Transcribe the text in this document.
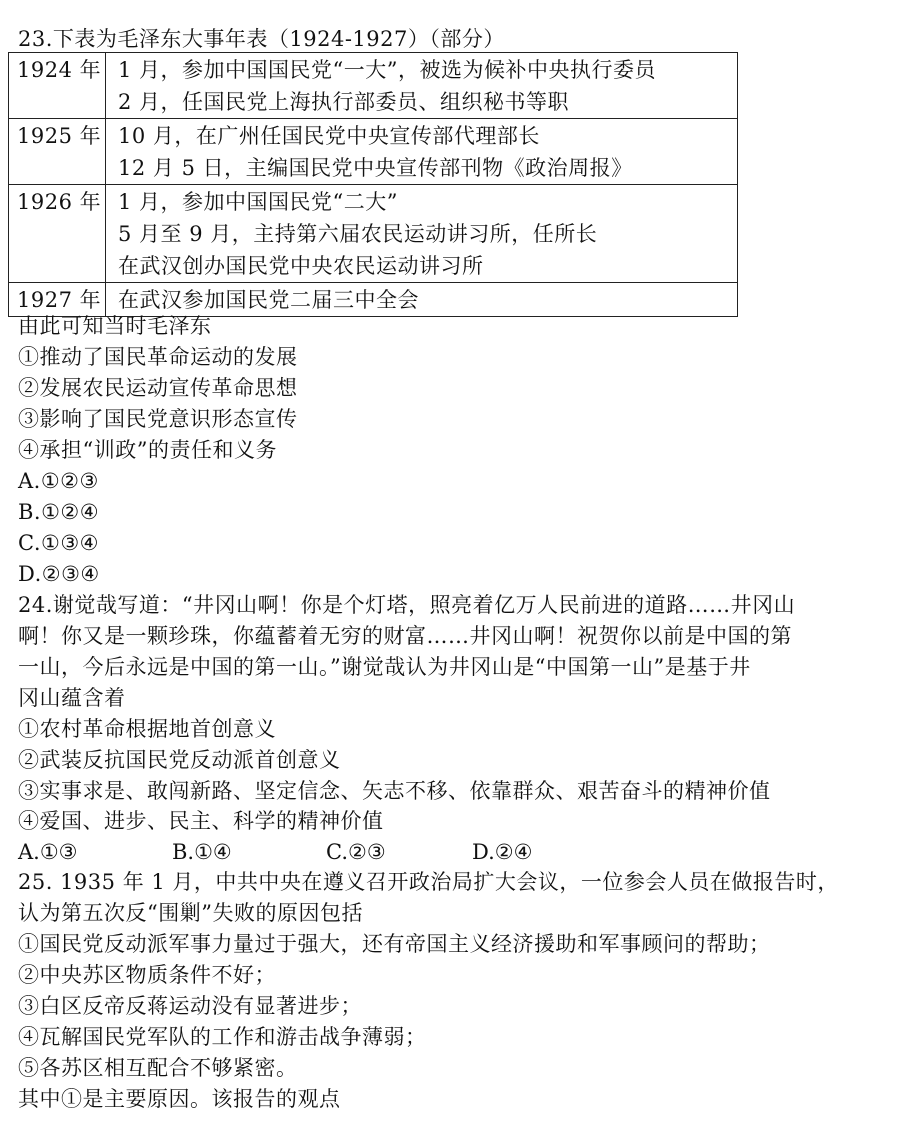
23.下表为毛泽东大事年表（1924-1927）（部分）
1924 年	1 月，参加中国国民党“一大”，被选为候补中央执行委员
2 月，任国民党上海执行部委员、组织秘书等职

1925 年	10 月，在广州任国民党中央宣传部代理部长
12 月 5 日，主编国民党中央宣传部刊物《政治周报》

1926 年	1 月，参加中国国民党“二大”
5 月至 9 月，主持第六届农民运动讲习所，任所长
在武汉创办国民党中央农民运动讲习所

1927 年	在武汉参加国民党二届三中全会
由此可知当时毛泽东
①推动了国民革命运动的发展
②发展农民运动宣传革命思想
③影响了国民党意识形态宣传
④承担“训政”的责任和义务
A.①②③
B.①②④
C.①③④
D.②③④
24.谢觉哉写道：“井冈山啊！你是个灯塔，照亮着亿万人民前进的道路……井冈山
啊！你又是一颗珍珠，你蕴蓄着无穷的财富……井冈山啊！祝贺你以前是中国的第
一山，今后永远是中国的第一山。”谢觉哉认为井冈山是“中国第一山”是基于井
冈山蕴含着
①农村革命根据地首创意义
②武装反抗国民党反动派首创意义
③实事求是、敢闯新路、坚定信念、矢志不移、依靠群众、艰苦奋斗的精神价值
④爱国、进步、民主、科学的精神价值
A.①③	B.①④	C.②③	D.②④
25. 1935 年 1 月，中共中央在遵义召开政治局扩大会议，一位参会人员在做报告时，
认为第五次反“围剿”失败的原因包括
①国民党反动派军事力量过于强大，还有帝国主义经济援助和军事顾问的帮助；
②中央苏区物质条件不好；
③白区反帝反蒋运动没有显著进步；
④瓦解国民党军队的工作和游击战争薄弱；
⑤各苏区相互配合不够紧密。
其中①是主要原因。该报告的观点
